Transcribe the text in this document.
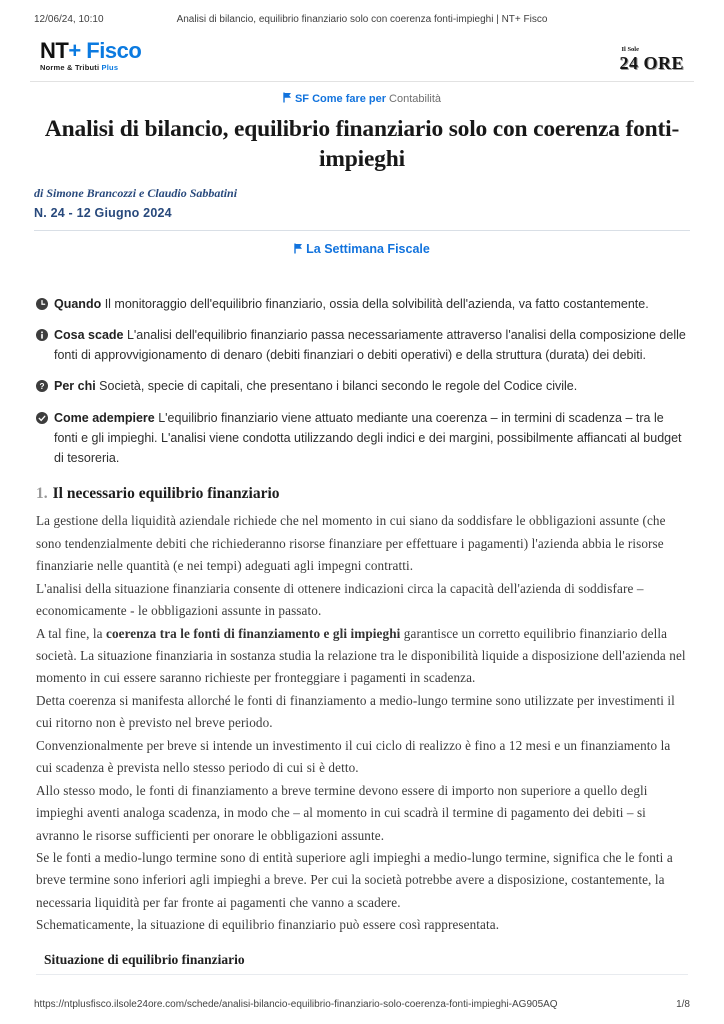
12/06/24, 10:10	Analisi di bilancio, equilibrio finanziario solo con coerenza fonti-impieghi | NT+ Fisco
NT+ Fisco
Norme & Tributi Plus
Il Sole
24 ORE
SF Come fare per Contabilità
Analisi di bilancio, equilibrio finanziario solo con coerenza fonti-impieghi
di Simone Brancozzi e Claudio Sabbatini
N. 24 - 12 Giugno 2024
La Settimana Fiscale

Quando Il monitoraggio dell'equilibrio finanziario, ossia della solvibilità dell'azienda, va fatto costantemente.

Cosa scade L'analisi dell'equilibrio finanziario passa necessariamente attraverso l'analisi della composizione delle fonti di approvvigionamento di denaro (debiti finanziari o debiti operativi) e della struttura (durata) dei debiti.

? Per chi Società, specie di capitali, che presentano i bilanci secondo le regole del Codice civile.

Come adempiere L'equilibrio finanziario viene attuato mediante una coerenza – in termini di scadenza – tra le fonti e gli impieghi. L'analisi viene condotta utilizzando degli indici e dei margini, possibilmente affiancati al budget di tesoreria.

1. Il necessario equilibrio finanziario

La gestione della liquidità aziendale richiede che nel momento in cui siano da soddisfare le obbligazioni assunte (che sono tendenzialmente debiti che richiederanno risorse finanziare per effettuare i pagamenti) l'azienda abbia le risorse finanziarie nelle quantità (e nei tempi) adeguati agli impegni contratti.

L'analisi della situazione finanziaria consente di ottenere indicazioni circa la capacità dell'azienda di soddisfare – economicamente - le obbligazioni assunte in passato.

A tal fine, la coerenza tra le fonti di finanziamento e gli impieghi garantisce un corretto equilibrio finanziario della società. La situazione finanziaria in sostanza studia la relazione tra le disponibilità liquide a disposizione dell'azienda nel momento in cui essere saranno richieste per fronteggiare i pagamenti in scadenza.

Detta coerenza si manifesta allorché le fonti di finanziamento a medio-lungo termine sono utilizzate per investimenti il cui ritorno non è previsto nel breve periodo.

Convenzionalmente per breve si intende un investimento il cui ciclo di realizzo è fino a 12 mesi e un finanziamento la cui scadenza è prevista nello stesso periodo di cui si è detto.

Allo stesso modo, le fonti di finanziamento a breve termine devono essere di importo non superiore a quello degli impieghi aventi analoga scadenza, in modo che – al momento in cui scadrà il termine di pagamento dei debiti – si avranno le risorse sufficienti per onorare le obbligazioni assunte.

Se le fonti a medio-lungo termine sono di entità superiore agli impieghi a medio-lungo termine, significa che le fonti a breve termine sono inferiori agli impieghi a breve. Per cui la società potrebbe avere a disposizione, costantemente, la necessaria liquidità per far fronte ai pagamenti che vanno a scadere.

Schematicamente, la situazione di equilibrio finanziario può essere così rappresentata.

Situazione di equilibrio finanziario
https://ntplusfisco.ilsole24ore.com/schede/analisi-bilancio-equilibrio-finanziario-solo-coerenza-fonti-impieghi-AG905AQ	1/8
